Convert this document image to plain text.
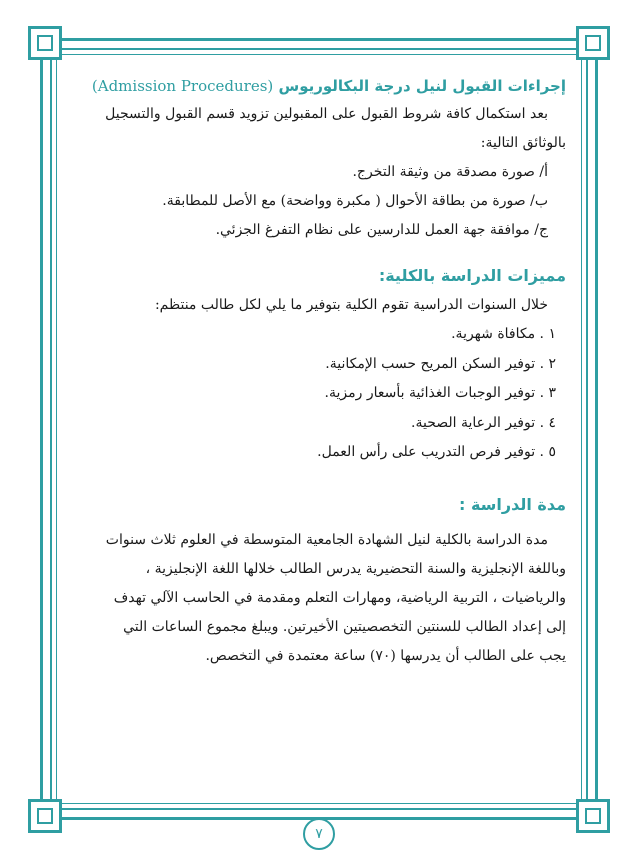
إجراءات القبول لنيل درجة البكالوريوس (Admission Procedures)

بعد استكمال كافة شروط القبول على المقبولين تزويد قسم القبول والتسجيل

بالوثائق التالية:

أ/ صورة مصدقة من وثيقة التخرج.

ب/ صورة من بطاقة الأحوال ( مكبرة وواضحة) مع الأصل للمطابقة.

ج/ موافقة جهة العمل للدارسين على نظام التفرغ الجزئي.

مميزات الدراسة بالكلية:

خلال السنوات الدراسية تقوم الكلية بتوفير ما يلي لكل طالب منتظم:

١ . مكافاة شهرية.

٢ . توفير السكن المريح حسب الإمكانية.

٣ . توفير الوجبات الغذائية بأسعار رمزية.

٤ . توفير الرعاية الصحية.

٥ . توفير فرص التدريب على رأس العمل.

مدة الدراسة :

مدة الدراسة بالكلية لنيل الشهادة الجامعية المتوسطة في العلوم ثلاث سنوات

وباللغة الإنجليزية والسنة التحضيرية يدرس الطالب خلالها اللغة الإنجليزية ،

والرياضيات ، التربية الرياضية، ومهارات التعلم ومقدمة في الحاسب الآلي تهدف

إلى إعداد الطالب للسنتين التخصصيتين الأخيرتين. ويبلغ مجموع الساعات التي

يجب على الطالب أن يدرسها (٧٠) ساعة معتمدة في التخصص.

٧
